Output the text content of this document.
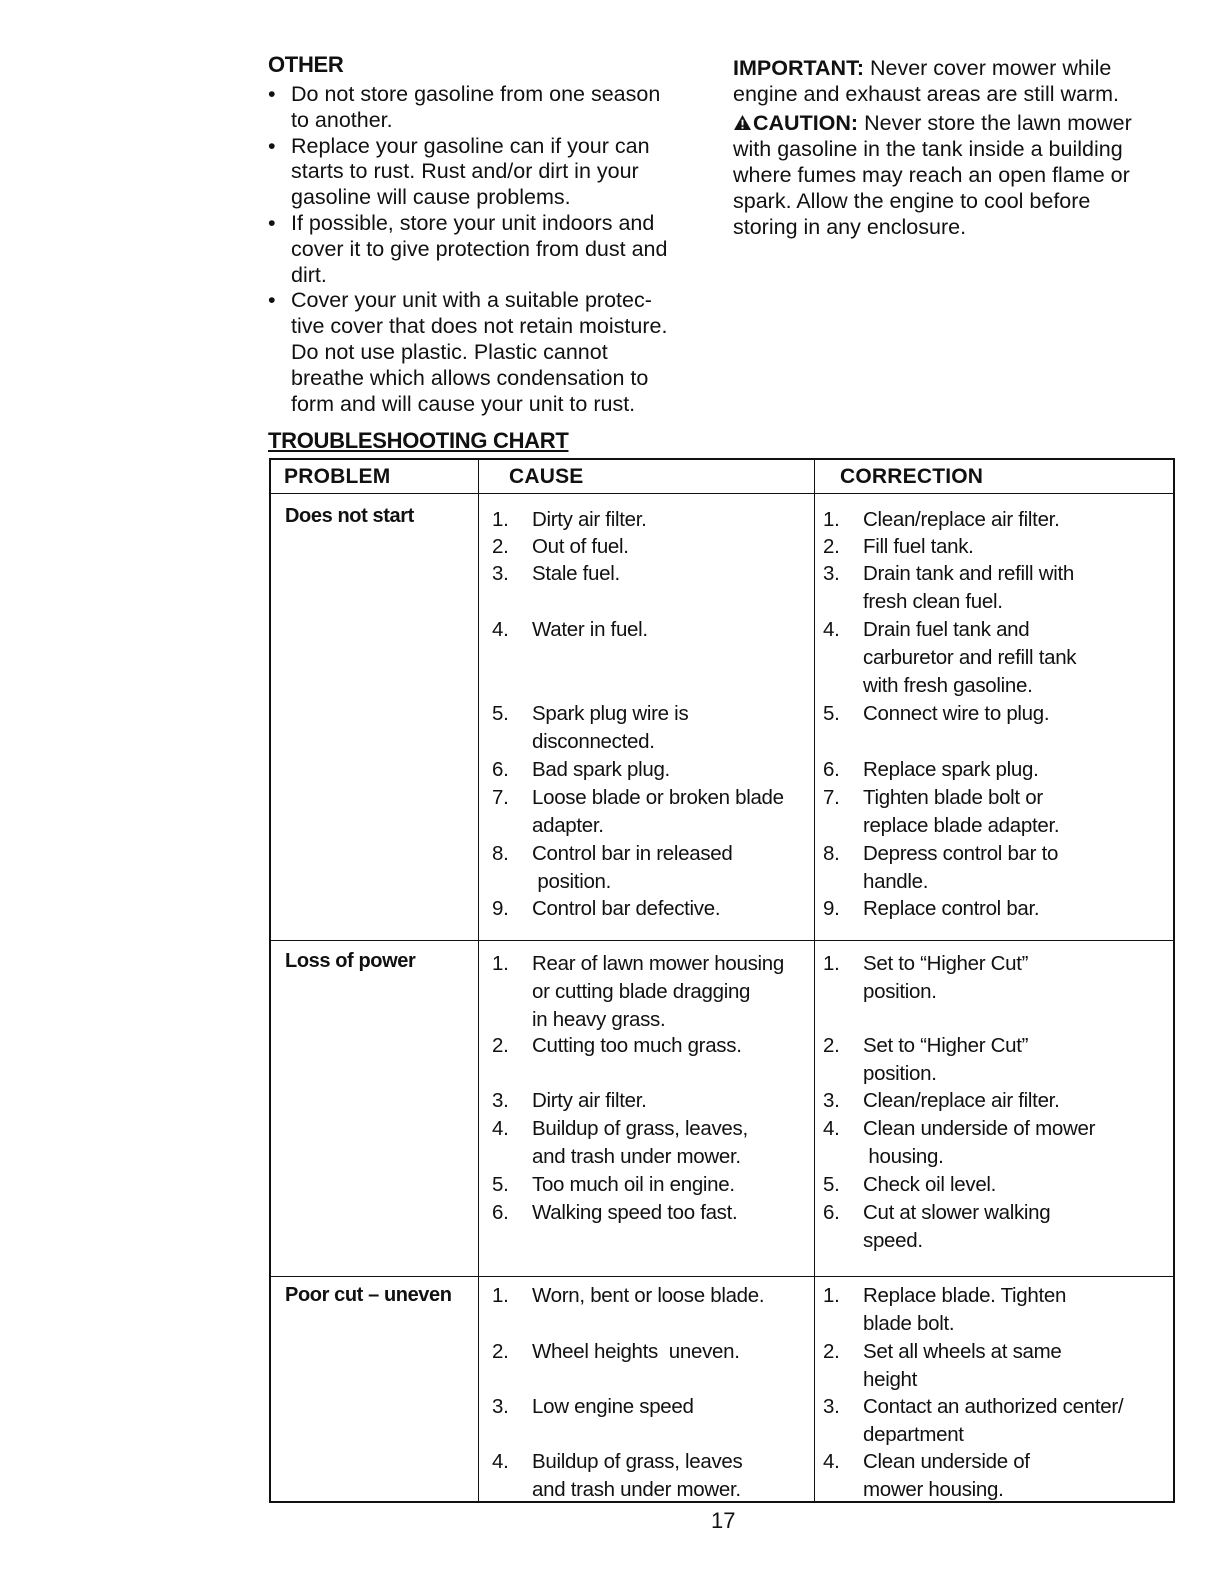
OTHER
• Do not store gasoline from one season
to another.
• Replace your gasoline can if your can
starts to rust. Rust and/or dirt in your
gasoline will cause problems.
• If possible, store your unit indoors and
cover it to give protection from dust and
dirt.
• Cover your unit with a suitable protec-
tive cover that does not retain moisture.
Do not use plastic. Plastic cannot
breathe which allows condensation to
form and will cause your unit to rust.
IMPORTANT: Never cover mower while
engine and exhaust areas are still warm.
CAUTION: Never store the lawn mower
with gasoline in the tank inside a building
where fumes may reach an open flame or
spark. Allow the engine to cool before
storing in any enclosure.
TROUBLESHOOTING CHART
PROBLEM	CAUSE	CORRECTION
Does not start
Loss of power
Poor cut – uneven
1. Dirty air filter.
2. Out of fuel.
3. Stale fuel.
4. Water in fuel.
5. Spark plug wire is
disconnected.
6. Bad spark plug.
7. Loose blade or broken blade
adapter.
8. Control bar in released
position.
9. Control bar defective.
1. Clean/replace air filter.
2. Fill fuel tank.
3. Drain tank and refill with
fresh clean fuel.
4. Drain fuel tank and
carburetor and refill tank
with fresh gasoline.
5. Connect wire to plug.
6. Replace spark plug.
7. Tighten blade bolt or
replace blade adapter.
8. Depress control bar to
handle.
9. Replace control bar.
1. Rear of lawn mower housing
or cutting blade dragging
in heavy grass.
2. Cutting too much grass.
3. Dirty air filter.
4. Buildup of grass, leaves,
and trash under mower.
5. Too much oil in engine.
6. Walking speed too fast.
1. Set to “Higher Cut”
position.
2. Set to “Higher Cut”
position.
3. Clean/replace air filter.
4. Clean underside of mower
housing.
5. Check oil level.
6. Cut at slower walking
speed.
1. Worn, bent or loose blade.
2. Wheel heights  uneven.
3. Low engine speed
4. Buildup of grass, leaves
and trash under mower.
1. Replace blade. Tighten
blade bolt.
2. Set all wheels at same
height
3. Contact an authorized center/
department
4. Clean underside of
mower housing.
17
